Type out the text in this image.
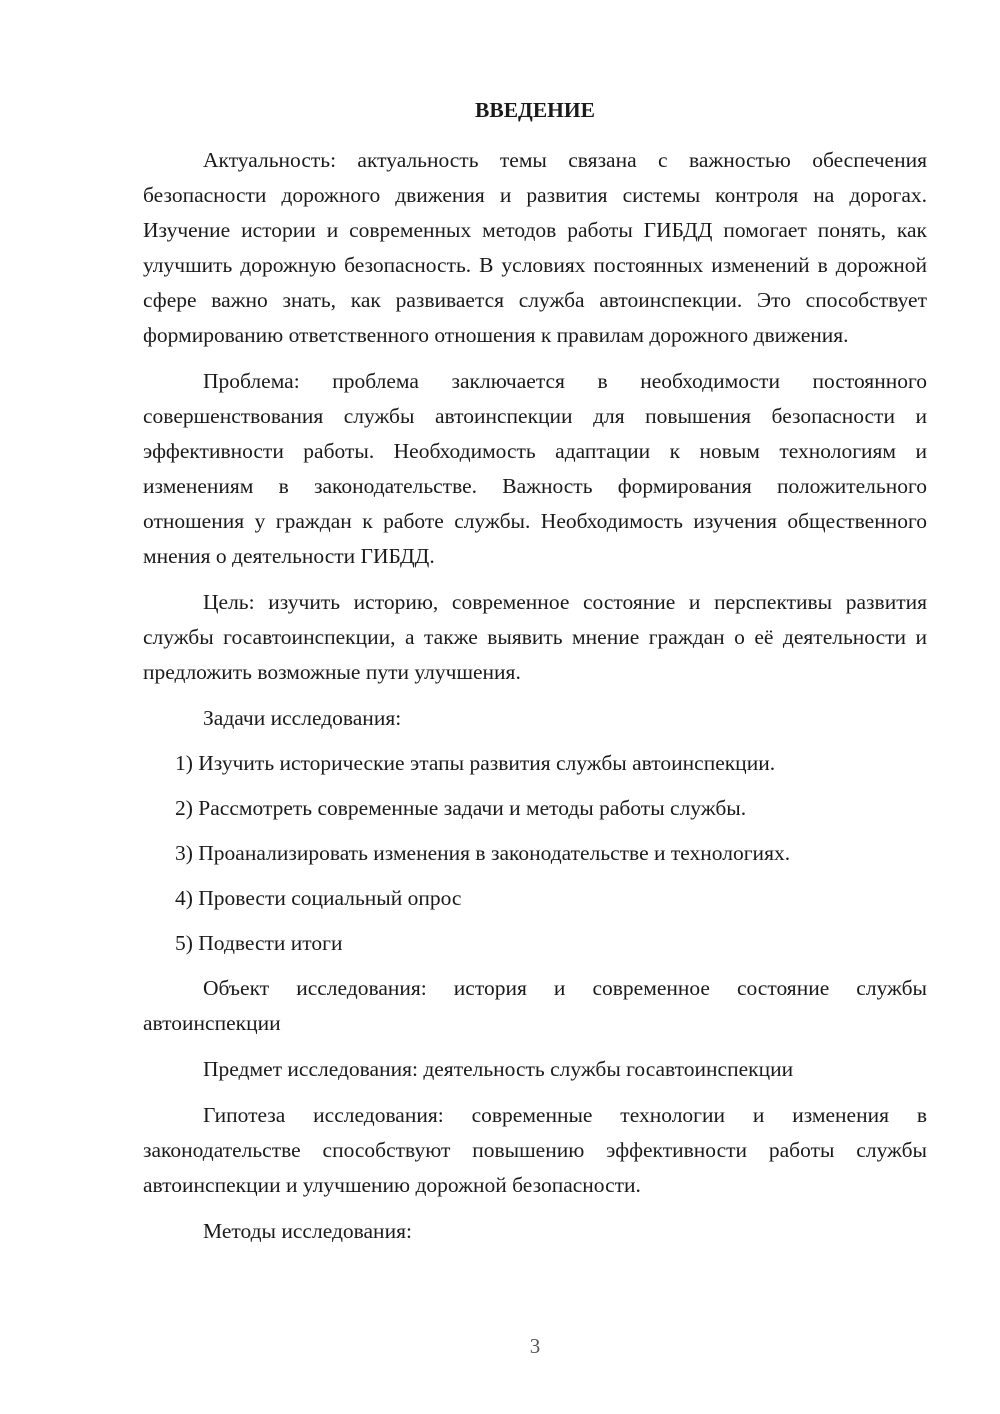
ВВЕДЕНИЕ

Актуальность: актуальность темы связана с важностью обеспечения безопасности дорожного движения и развития системы контроля на дорогах. Изучение истории и современных методов работы ГИБДД помогает понять, как улучшить дорожную безопасность. В условиях постоянных изменений в дорожной сфере важно знать, как развивается служба автоинспекции. Это способствует формированию ответственного отношения к правилам дорожного движения.

Проблема: проблема заключается в необходимости постоянного совершенствования службы автоинспекции для повышения безопасности и эффективности работы. Необходимость адаптации к новым технологиям и изменениям в законодательстве. Важность формирования положительного отношения у граждан к работе службы. Необходимость изучения общественного мнения о деятельности ГИБДД.

Цель: изучить историю, современное состояние и перспективы развития службы госавтоинспекции, а также выявить мнение граждан о её деятельности и предложить возможные пути улучшения.

Задачи исследования:

1) Изучить исторические этапы развития службы автоинспекции.
2) Рассмотреть современные задачи и методы работы службы.
3) Проанализировать изменения в законодательстве и технологиях.
4) Провести социальный опрос
5) Подвести итоги

Объект исследования: история и современное состояние службы автоинспекции

Предмет исследования: деятельность службы госавтоинспекции

Гипотеза исследования: современные технологии и изменения в законодательстве способствуют повышению эффективности работы службы автоинспекции и улучшению дорожной безопасности.

Методы исследования:

3
